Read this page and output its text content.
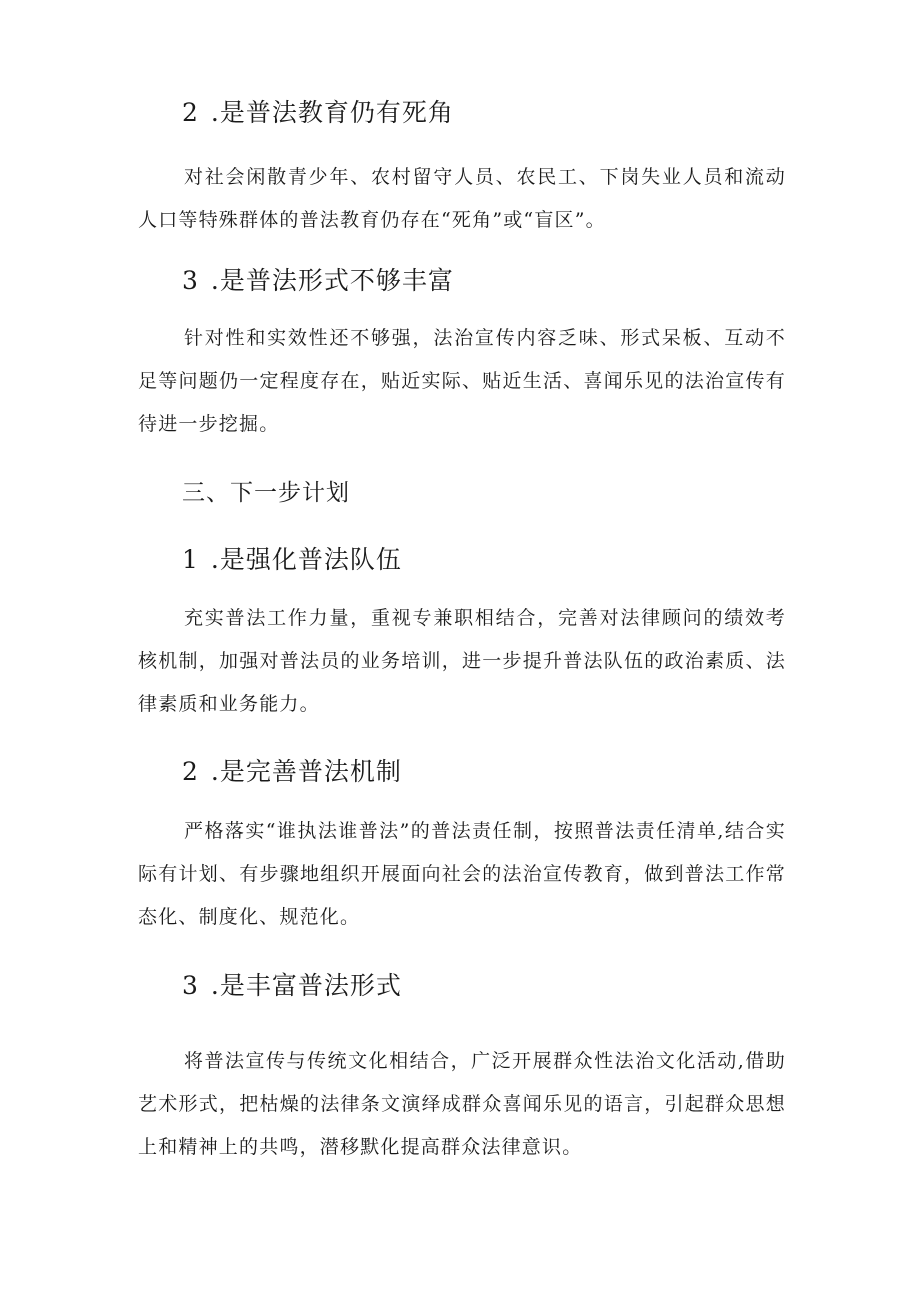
2 .是普法教育仍有死角

对社会闲散青少年、农村留守人员、农民工、下岗失业人员和流动人口等特殊群体的普法教育仍存在“死角”或“盲区”。

3 .是普法形式不够丰富

针对性和实效性还不够强，法治宣传内容乏味、形式呆板、互动不足等问题仍一定程度存在，贴近实际、贴近生活、喜闻乐见的法治宣传有待进一步挖掘。

三、下一步计划
1 .是强化普法队伍

充实普法工作力量，重视专兼职相结合，完善对法律顾问的绩效考核机制，加强对普法员的业务培训，进一步提升普法队伍的政治素质、法律素质和业务能力。

2 .是完善普法机制

严格落实“谁执法谁普法”的普法责任制，按照普法责任清单,结合实际有计划、有步骤地组织开展面向社会的法治宣传教育，做到普法工作常态化、制度化、规范化。

3 .是丰富普法形式

将普法宣传与传统文化相结合，广泛开展群众性法治文化活动,借助艺术形式，把枯燥的法律条文演绎成群众喜闻乐见的语言，引起群众思想上和精神上的共鸣，潜移默化提高群众法律意识。
